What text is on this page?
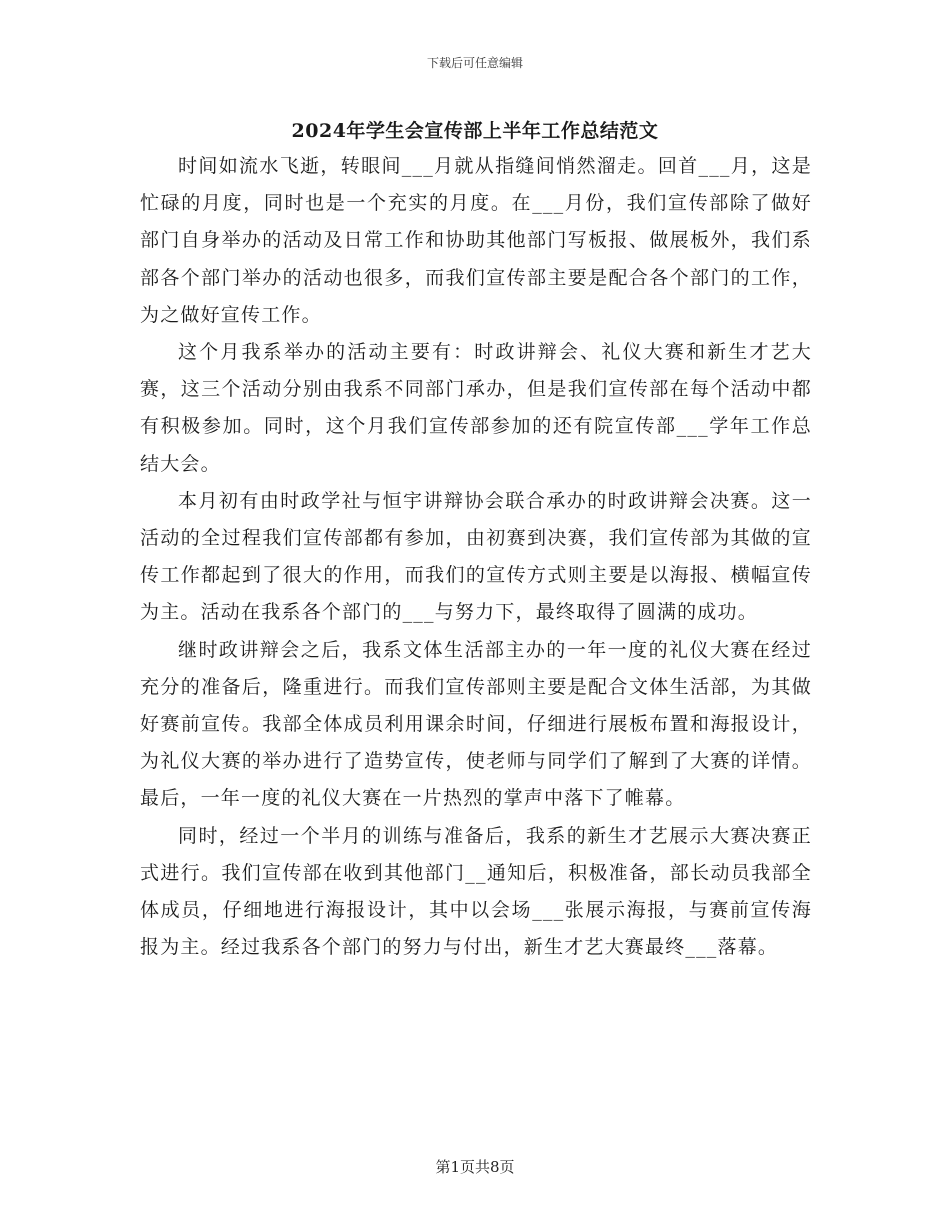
下载后可任意编辑
2024年学生会宣传部上半年工作总结范文

时间如流水飞逝，转眼间___月就从指缝间悄然溜走。回首___月，这是忙碌的月度，同时也是一个充实的月度。在___月份，我们宣传部除了做好部门自身举办的活动及日常工作和协助其他部门写板报、做展板外，我们系部各个部门举办的活动也很多，而我们宣传部主要是配合各个部门的工作，为之做好宣传工作。

这个月我系举办的活动主要有：时政讲辩会、礼仪大赛和新生才艺大赛，这三个活动分别由我系不同部门承办，但是我们宣传部在每个活动中都有积极参加。同时，这个月我们宣传部参加的还有院宣传部___学年工作总结大会。

本月初有由时政学社与恒宇讲辩协会联合承办的时政讲辩会决赛。这一活动的全过程我们宣传部都有参加，由初赛到决赛，我们宣传部为其做的宣传工作都起到了很大的作用，而我们的宣传方式则主要是以海报、横幅宣传为主。活动在我系各个部门的___与努力下，最终取得了圆满的成功。

继时政讲辩会之后，我系文体生活部主办的一年一度的礼仪大赛在经过充分的准备后，隆重进行。而我们宣传部则主要是配合文体生活部，为其做好赛前宣传。我部全体成员利用课余时间，仔细进行展板布置和海报设计，为礼仪大赛的举办进行了造势宣传，使老师与同学们了解到了大赛的详情。最后，一年一度的礼仪大赛在一片热烈的掌声中落下了帷幕。

同时，经过一个半月的训练与准备后，我系的新生才艺展示大赛决赛正式进行。我们宣传部在收到其他部门__通知后，积极准备，部长动员我部全体成员，仔细地进行海报设计，其中以会场___张展示海报，与赛前宣传海报为主。经过我系各个部门的努力与付出，新生才艺大赛最终___落幕。

第1页共8页
